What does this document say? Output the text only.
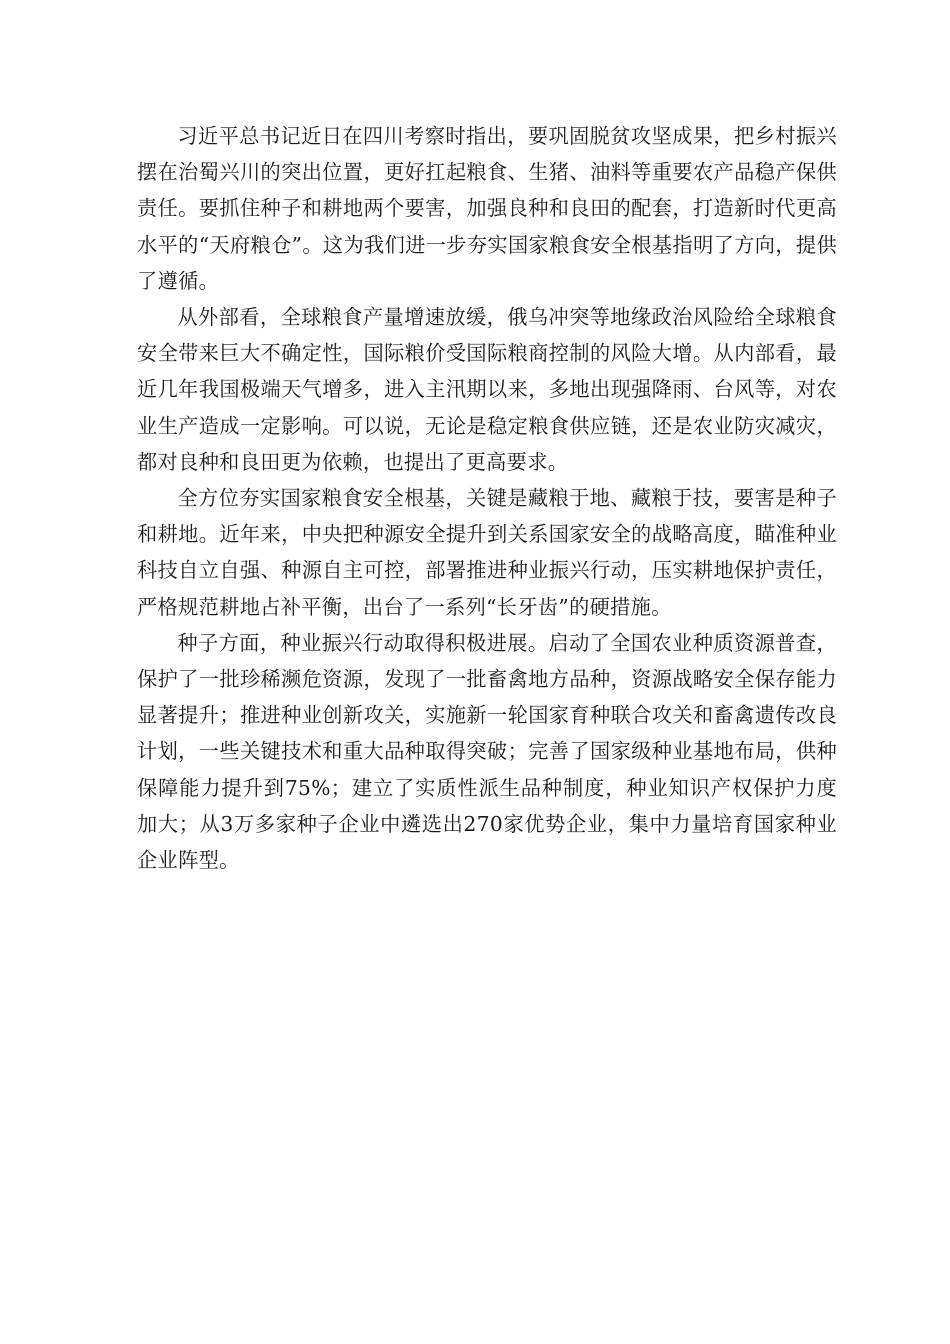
习近平总书记近日在四川考察时指出，要巩固脱贫攻坚成果，把乡村振兴摆在治蜀兴川的突出位置，更好扛起粮食、生猪、油料等重要农产品稳产保供责任。要抓住种子和耕地两个要害，加强良种和良田的配套，打造新时代更高水平的“天府粮仓”。这为我们进一步夯实国家粮食安全根基指明了方向，提供了遵循。

从外部看，全球粮食产量增速放缓，俄乌冲突等地缘政治风险给全球粮食安全带来巨大不确定性，国际粮价受国际粮商控制的风险大增。从内部看，最近几年我国极端天气增多，进入主汛期以来，多地出现强降雨、台风等，对农业生产造成一定影响。可以说，无论是稳定粮食供应链，还是农业防灾减灾，都对良种和良田更为依赖，也提出了更高要求。

全方位夯实国家粮食安全根基，关键是藏粮于地、藏粮于技，要害是种子和耕地。近年来，中央把种源安全提升到关系国家安全的战略高度，瞄准种业科技自立自强、种源自主可控，部署推进种业振兴行动，压实耕地保护责任，严格规范耕地占补平衡，出台了一系列“长牙齿”的硬措施。

种子方面，种业振兴行动取得积极进展。启动了全国农业种质资源普查，保护了一批珍稀濒危资源，发现了一批畜禽地方品种，资源战略安全保存能力显著提升；推进种业创新攻关，实施新一轮国家育种联合攻关和畜禽遗传改良计划，一些关键技术和重大品种取得突破；完善了国家级种业基地布局，供种保障能力提升到75%；建立了实质性派生品种制度，种业知识产权保护力度加大；从3万多家种子企业中遴选出270家优势企业，集中力量培育国家种业企业阵型。
